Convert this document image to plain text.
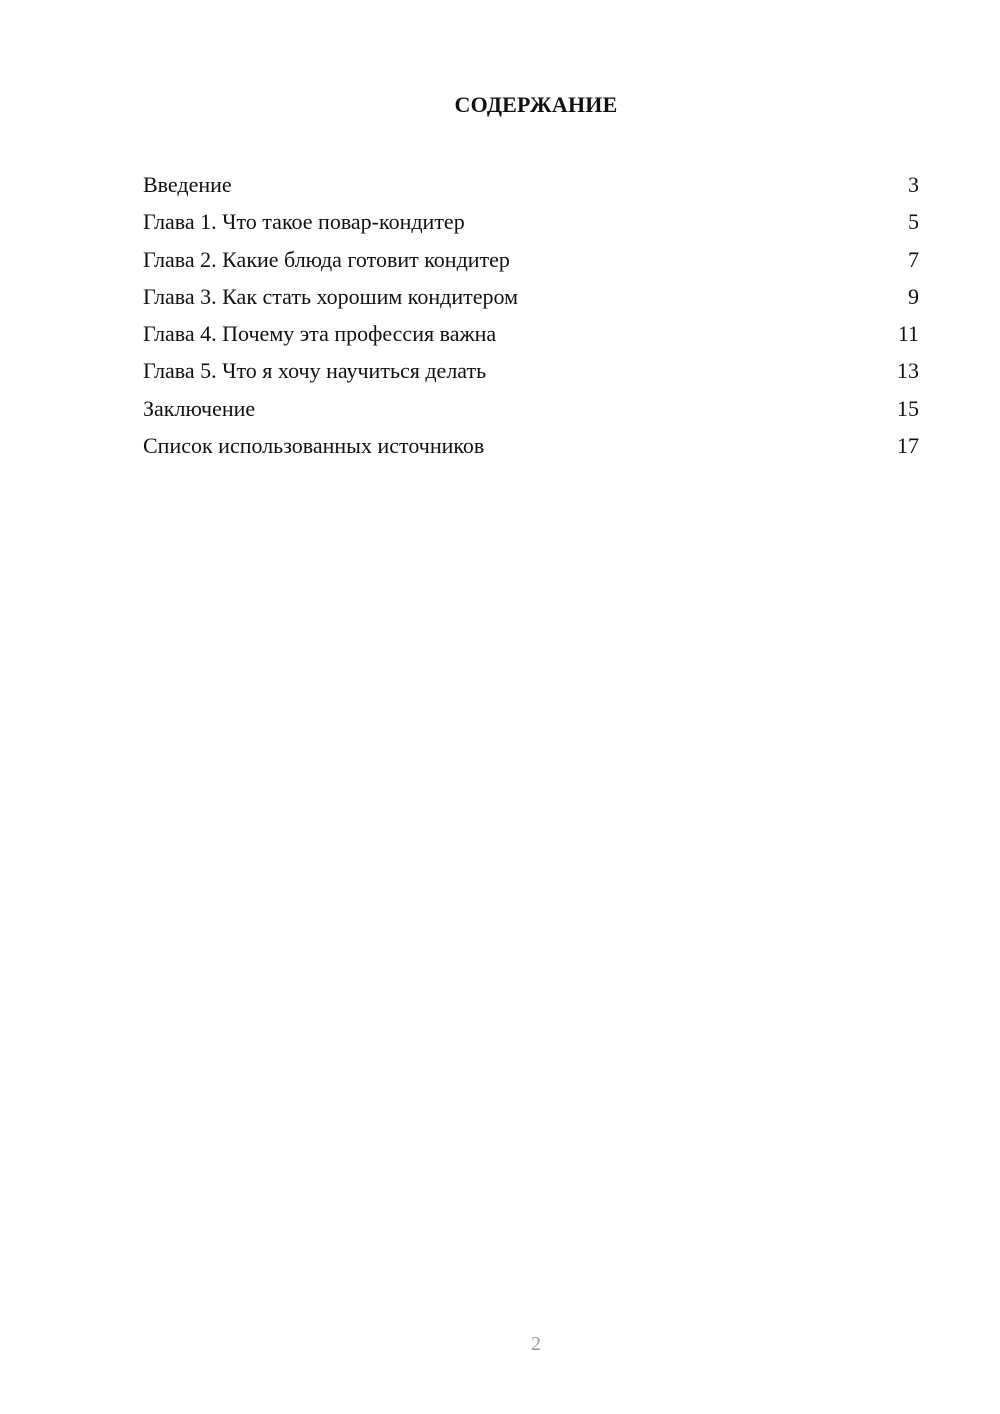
СОДЕРЖАНИЕ
Введение	3
Глава 1. Что такое повар-кондитер	5
Глава 2. Какие блюда готовит кондитер	7
Глава 3. Как стать хорошим кондитером	9
Глава 4. Почему эта профессия важна	11
Глава 5. Что я хочу научиться делать	13
Заключение	15
Список использованных источников	17
2
